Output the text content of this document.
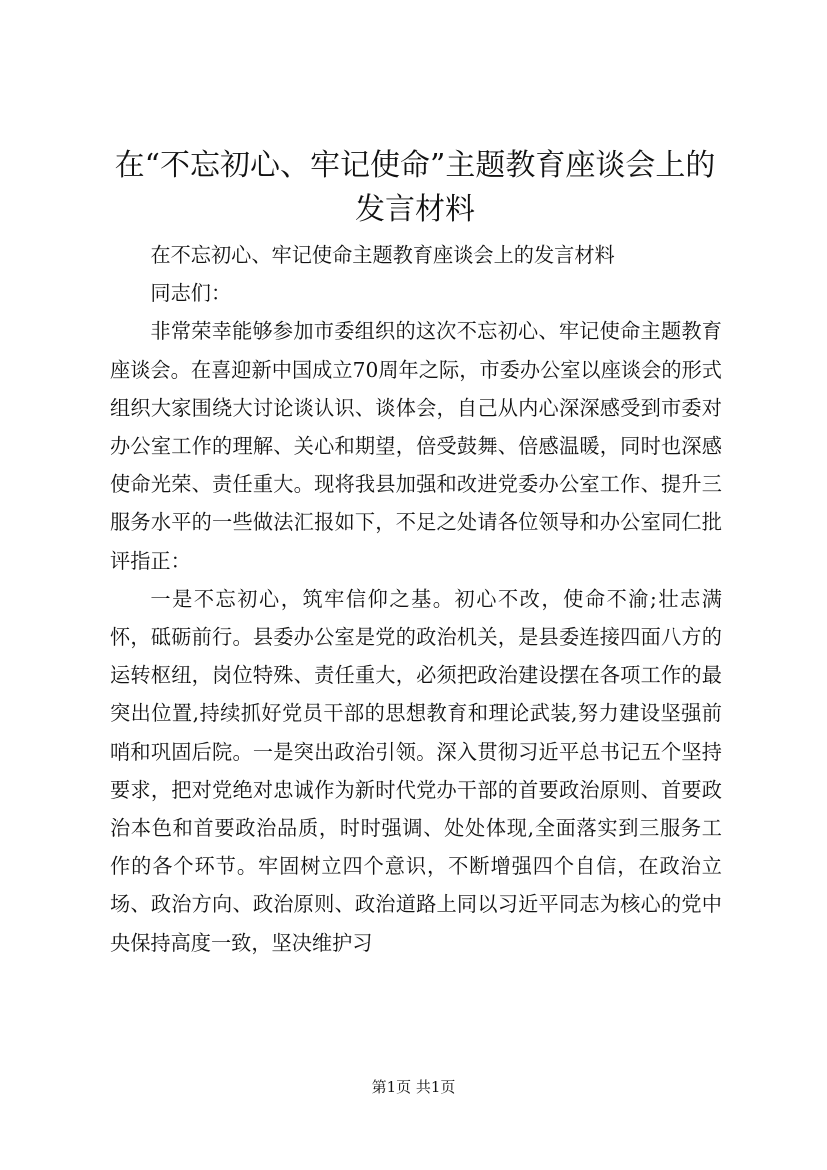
在“不忘初心、牢记使命”主题教育座谈会上的发言材料

在不忘初心、牢记使命主题教育座谈会上的发言材料

同志们：

非常荣幸能够参加市委组织的这次不忘初心、牢记使命主题教育座谈会。在喜迎新中国成立70周年之际，市委办公室以座谈会的形式组织大家围绕大讨论谈认识、谈体会，自己从内心深深感受到市委对办公室工作的理解、关心和期望，倍受鼓舞、倍感温暖，同时也深感使命光荣、责任重大。现将我县加强和改进党委办公室工作、提升三服务水平的一些做法汇报如下，不足之处请各位领导和办公室同仁批评指正：

一是不忘初心，筑牢信仰之基。初心不改，使命不渝;壮志满怀，砥砺前行。县委办公室是党的政治机关，是县委连接四面八方的运转枢纽，岗位特殊、责任重大，必须把政治建设摆在各项工作的最突出位置,持续抓好党员干部的思想教育和理论武装,努力建设坚强前哨和巩固后院。一是突出政治引领。深入贯彻习近平总书记五个坚持要求，把对党绝对忠诚作为新时代党办干部的首要政治原则、首要政治本色和首要政治品质，时时强调、处处体现,全面落实到三服务工作的各个环节。牢固树立四个意识，不断增强四个自信，在政治立场、政治方向、政治原则、政治道路上同以习近平同志为核心的党中央保持高度一致，坚决维护习

第1页 共1页
